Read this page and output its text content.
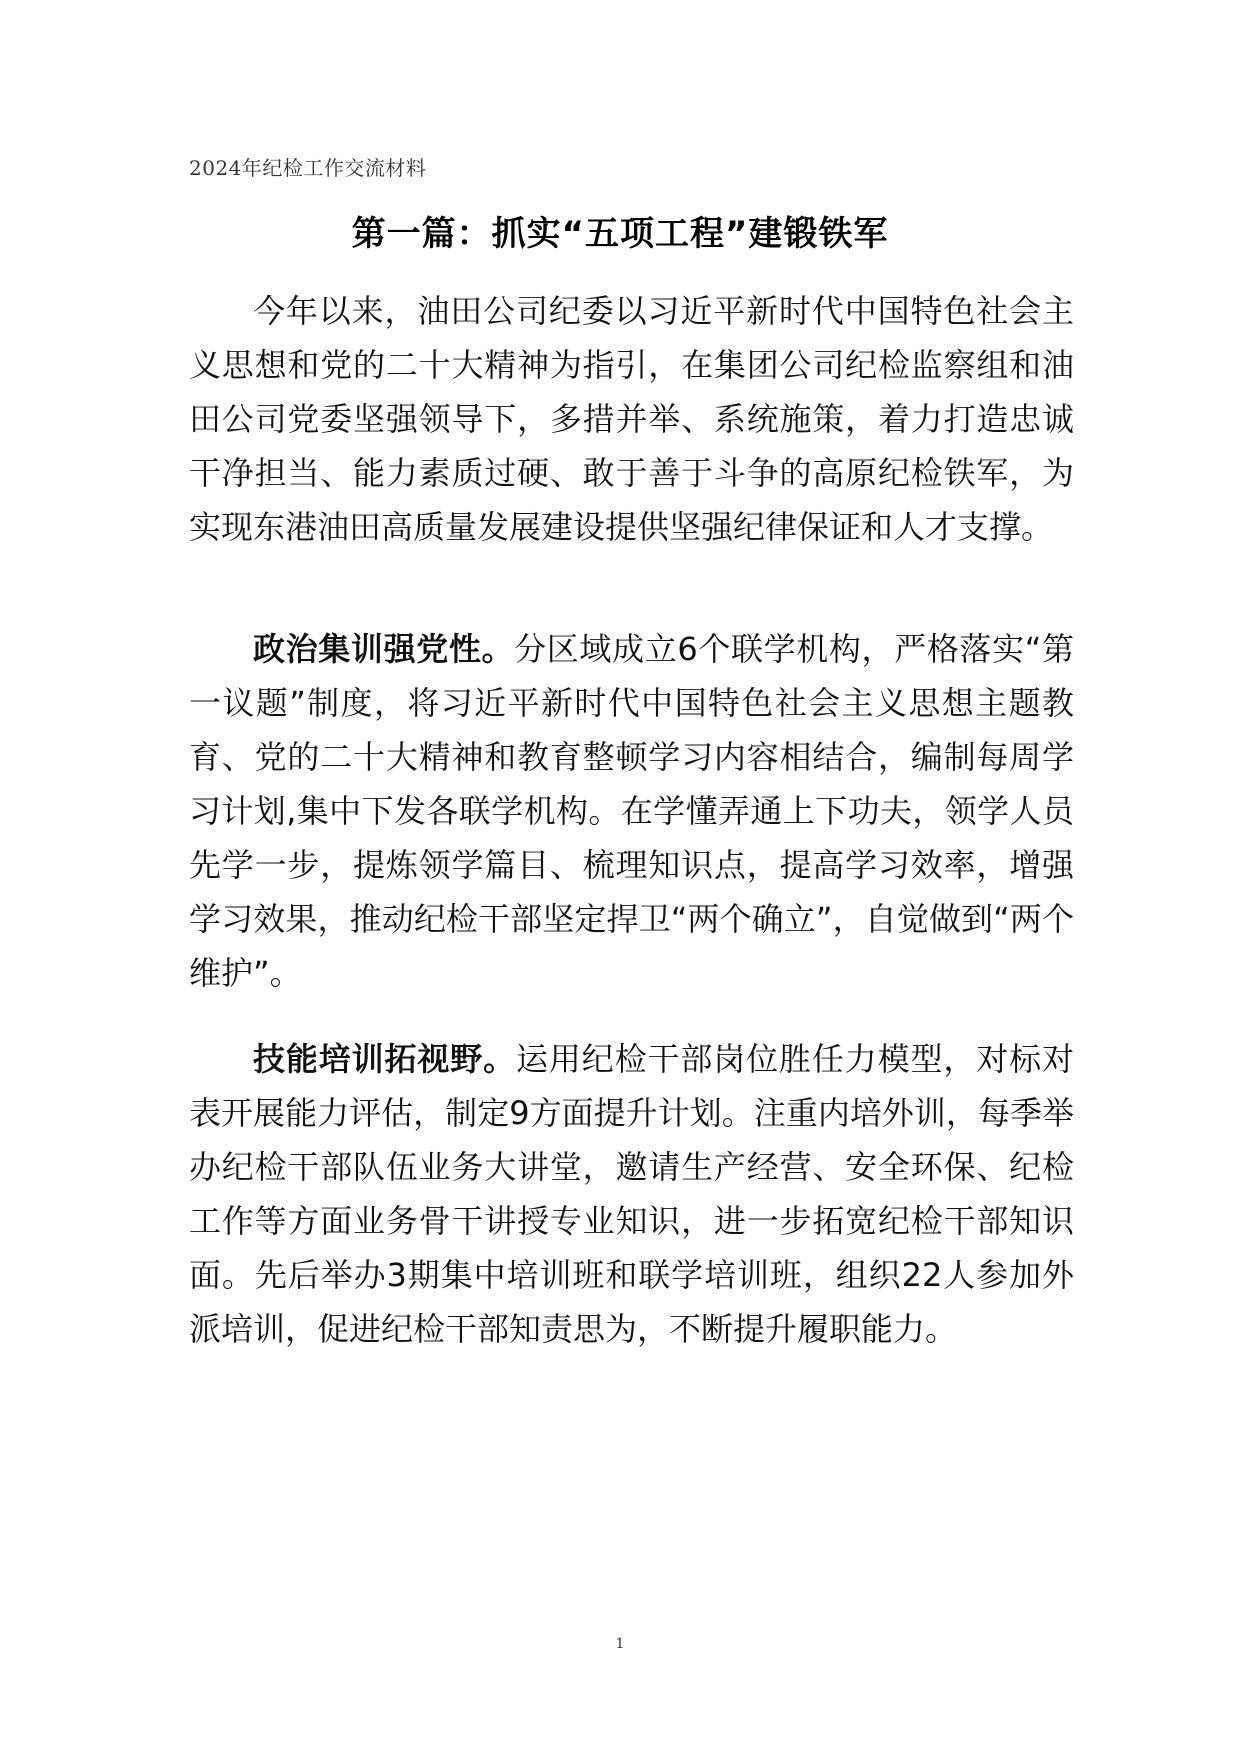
2024年纪检工作交流材料
第一篇：抓实“五项工程”建锻铁军
今年以来，油田公司纪委以习近平新时代中国特色社会主义思想和党的二十大精神为指引，在集团公司纪检监察组和油田公司党委坚强领导下，多措并举、系统施策，着力打造忠诚干净担当、能力素质过硬、敢于善于斗争的高原纪检铁军，为实现东港油田高质量发展建设提供坚强纪律保证和人才支撑。
政治集训强党性。分区域成立6个联学机构，严格落实“第一议题”制度，将习近平新时代中国特色社会主义思想主题教育、党的二十大精神和教育整顿学习内容相结合，编制每周学习计划,集中下发各联学机构。在学懂弄通上下功夫，领学人员先学一步，提炼领学篇目、梳理知识点，提高学习效率，增强学习效果，推动纪检干部坚定捍卫“两个确立”，自觉做到“两个维护”。
技能培训拓视野。运用纪检干部岗位胜任力模型，对标对表开展能力评估，制定9方面提升计划。注重内培外训，每季举办纪检干部队伍业务大讲堂，邀请生产经营、安全环保、纪检工作等方面业务骨干讲授专业知识，进一步拓宽纪检干部知识面。先后举办3期集中培训班和联学培训班，组织22人参加外派培训，促进纪检干部知责思为，不断提升履职能力。
1
